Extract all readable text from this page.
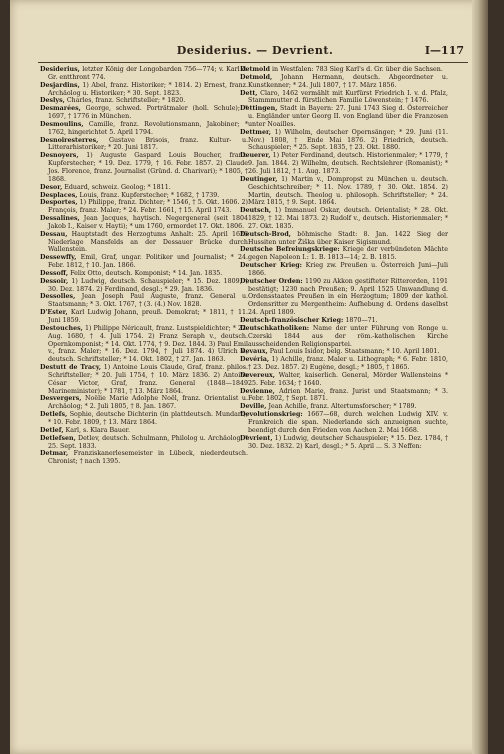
Desiderius. — Devrient.	I—117

Desiderius, letzter König der Longobarden 756—774; v. Karl d. Gr. entthront 774.

Desjardins, 1) Abel, franz. Historiker; * 1814. 2) Ernest, franz. Archäolog u. Historiker; * 30. Sept. 1823.

Deslys, Charles, franz. Schriftsteller; * 1820.

Desmarées, George, schwed. Porträtmaler (holl. Schule); * 1697, † 1776 in München.

Desmoulins, Camille, franz. Revolutionsmann, Jakobiner; * 1762, hingerichtet 5. April 1794.

Desnoiresterres, Gustave Brisois, franz. Kultur- u. Litterarhistoriker; * 20. Juni 1817.

Desnoyers, 1) Auguste Gaspard Louis Boucher, franz. Kupferstecher; * 19. Dez. 1779, † 16. Febr. 1857. 2) Claude Jos. Florence, franz. Journalist (Gründ. d. Charivari); * 1805, † 1868.

Desor, Eduard, schweiz. Geolog; * 1811.

Desplaces, Louis, franz. Kupferstecher; * 1682, † 1739.

Desportes, 1) Philippe, franz. Dichter; * 1546, † 5. Okt. 1606. 2) François, franz. Maler; * 24. Febr. 1661, † 15. April 1743.

Dessalines, Jean Jacques, haytisch. Negergeneral (seit 1804 Jakob I., Kaiser v. Hayti); * um 1760, ermordet 17. Okt. 1806.

Dessau, Hauptstadt des Herzogtums Anhalt: 25. April 1626 Niederlage Mansfelds an der Dessauer Brücke durch Wallenstein.

Dessewffy, Emil, Graf, ungar. Politiker und Journalist; * 24. Febr. 1812, † 10. Jan. 1866.

Dessoff, Felix Otto, deutsch. Komponist; * 14. Jan. 1835.

Dessoir, 1) Ludwig, deutsch. Schauspieler; * 15. Dez. 1809, † 30. Dez. 1874. 2) Ferdinand, desgl.; * 29. Jan. 1836.

Dessolles, Jean Joseph Paul Auguste, franz. General u. Staatsmann; * 3. Okt. 1767, † (3. (4.) Nov. 1828.

D'Ester, Karl Ludwig Johann, preuß. Demokrat; * 1811, † 11. Juni 1859.

Destouches, 1) Philippe Néricault, franz. Lustspieldichter; * 22. Aug. 1680, † 4. Juli 1754. 2) Franz Seraph v., deutsch. Opernkomponist; * 14. Okt. 1774, † 9. Dez. 1844. 3) Paul Emil v., franz. Maler; * 16. Dez. 1794, † Juli 1874. 4) Ulrich v., deutsch. Schriftsteller; * 14. Okt. 1802, † 27. Jan. 1863.

Destutt de Tracy, 1) Antoine Louis Claude, Graf, franz. philos. Schriftsteller; * 20. Juli 1754, † 10. März 1836. 2) Antoine César Victor, Graf, franz. General (1848—1849 Marineminister); * 1781, † 13. März 1864.

Desvergers, Noëlie Marie Adolphe Noël, franz. Orientalist u. Archäolog; * 2. Juli 1805, † 8. Jan. 1867.

Detlefs, Sophie, deutsche Dichterin (in plattdeutsch. Mundart); * 10. Febr. 1809, † 13. März 1864.

Detlef, Karl, s. Klara Bauer.

Detlefsen, Detlev, deutsch. Schulmann, Philolog u. Archäolog; * 25. Sept. 1833.

Detmar, Franziskanerlesemeister in Lübeck, niederdeutsch. Chronist; † nach 1395.

Detmold in Westfalen: 783 Sieg Karl's d. Gr. über die Sachsen.

Detmold, Johann Hermann, deutsch. Abgeordneter u. Kunstkenner; * 24. Juli 1807, † 17. März 1856.

Dett, Claro, 1462 vermählt mit Kurfürst Friedrich I. v. d. Pfalz, Stammmutter d. fürstlichen Familie Löwenstein; † 1476.

Dettingen, Stadt in Bayern: 27. Juni 1743 Sieg d. Österreicher u. Engländer unter Georg II. von England über die Franzosen unter Noailles.

Dettmer, 1) Wilhelm, deutscher Opernsänger; * 29. Juni (11. Nov.) 1808, † Ende Mai 1876. 2) Friedrich, deutsch. Schauspieler; * 25. Sept. 1835, † 23. Okt. 1880.

Deuerer, 1) Peter Ferdinand, deutsch. Historienmaler; * 1779, † 9. Jan. 1844. 2) Wilhelm, deutsch. Rechtslehrer (Romanist); * 26. Juli 1812, † 1. Aug. 1873.

Deutinger, 1) Martin v., Dompropst zu München u. deutsch. Geschichtschreiber; * 11. Nov. 1789, † 30. Okt. 1854. 2) Martin, deutsch. Theolog u. philosoph. Schriftsteller; * 24. März 1815, † 9. Sept. 1864.

Deutsch, 1) Immanuel Oskar, deutsch. Orientalist; * 28. Okt. 1829, † 12. Mai 1873. 2) Rudolf v., deutsch. Historienmaler; * 27. Okt. 1835.

Deutsch-Brod, böhmische Stadt: 8. Jan. 1422 Sieg der Hussiten unter Žiška über Kaiser Sigismund.

Deutsche Befreiungskriege: Kriege der verbündeten Mächte gegen Napoleon I.: 1. B. 1813—14; 2. B. 1815.

Deutscher Krieg: Krieg zw. Preußen u. Österreich Juni—Juli 1866.

Deutscher Orden: 1190 zu Akkon gestifteter Ritterorden, 1191 bestätigt; 1230 nach Preußen; 9. April 1525 Umwandlung d. Ordensstaates Preußen in ein Herzogtum; 1809 der kathol. Ordensritter zu Mergentheim: Aufhebung d. Ordens daselbst 24. April 1809.

Deutsch-französischer Krieg: 1870—71.

Deutschkatholiken: Name der unter Führung von Ronge u. Czerski 1844 aus der röm.-katholischen Kirche ausscheidenden Religionspartei.

Devaux, Paul Louis Isidor, belg. Staatsmann; * 10. April 1801.

Devéria, 1) Achille, franz. Maler u. Lithograph; * 6. Febr. 1810, † 23. Dez. 1857. 2) Eugène, desgl.; * 1805, † 1865.

Devereux, Walter, kaiserlich. General, Mörder Wallensteins * 25. Febr. 1634; † 1640.

Devienne, Adrien Marie, franz. Jurist und Staatsmann; * 3. Febr. 1802, † Sept. 1871.

Deville, Jean Achille, franz. Altertumsforscher; * 1789.

Devolutionskrieg: 1667—68, durch welchen Ludwig XIV. v. Frankreich die span. Niederlande sich anzueignen suchte, beendigt durch den Frieden von Aachen 2. Mai 1668.

Devrient, 1) Ludwig, deutscher Schauspieler; * 15. Dez. 1784, † 30. Dez. 1832. 2) Karl, desgl.; * 5. April ... S. 3 Neffen:
